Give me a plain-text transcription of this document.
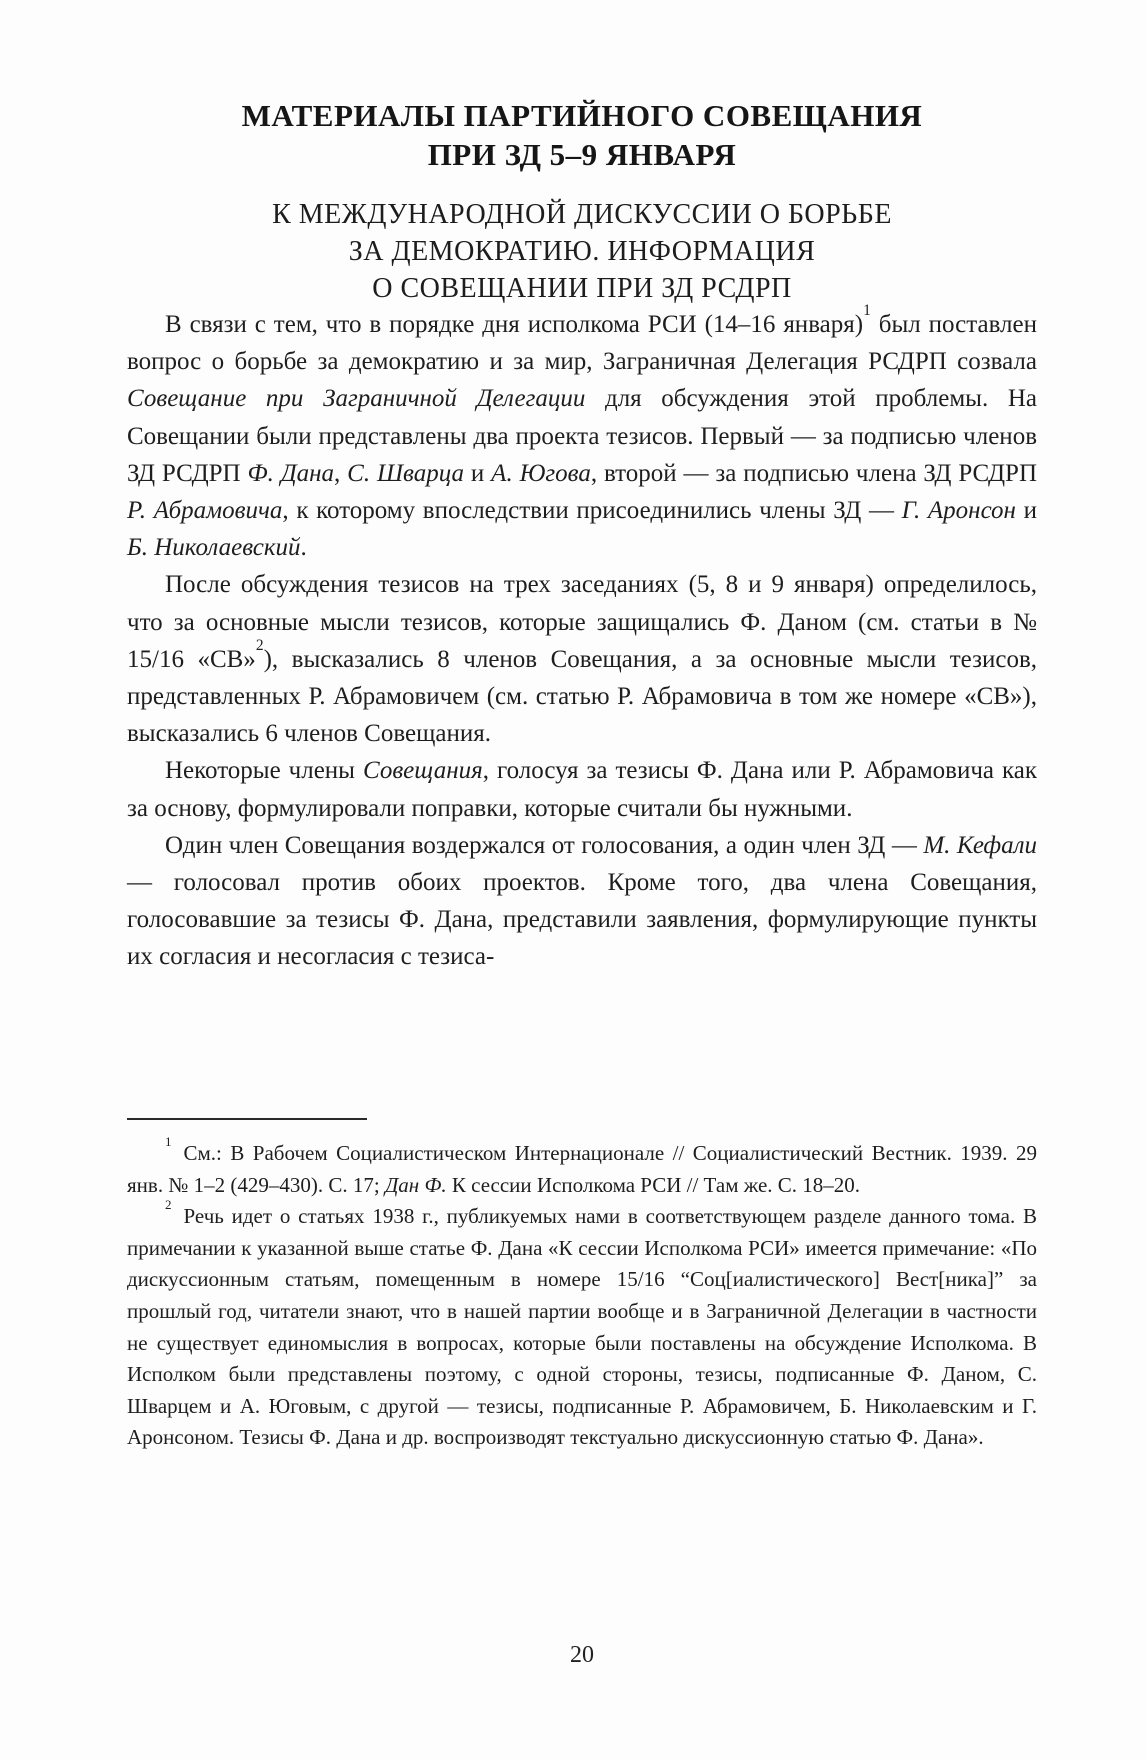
МАТЕРИАЛЫ ПАРТИЙНОГО СОВЕЩАНИЯ
ПРИ ЗД 5–9 ЯНВАРЯ
К МЕЖДУНАРОДНОЙ ДИСКУССИИ О БОРЬБЕ
ЗА ДЕМОКРАТИЮ. ИНФОРМАЦИЯ
О СОВЕЩАНИИ ПРИ ЗД РСДРП

В связи с тем, что в порядке дня исполкома РСИ (14–16 января)$^1$ был поставлен вопрос о борьбе за демократию и за мир, Заграничная Делегация РСДРП созвала Совещание при Заграничной Делегации для обсуждения этой проблемы. На Совещании были представлены два проекта тезисов. Первый — за подписью членов ЗД РСДРП Ф. Дана, С. Шварца и А. Югова, второй — за подписью члена ЗД РСДРП Р. Абрамовича, к которому впоследствии присоединились члены ЗД — Г. Аронсон и Б. Николаевский.

После обсуждения тезисов на трех заседаниях (5, 8 и 9 января) определилось, что за основные мысли тезисов, которые защищались Ф. Даном (см. статьи в № 15/16 «СВ»$^2$), высказались 8 членов Совещания, а за основные мысли тезисов, представленных Р. Абрамовичем (см. статью Р. Абрамовича в том же номере «СВ»), высказались 6 членов Совещания.

Некоторые члены Совещания, голосуя за тезисы Ф. Дана или Р. Абрамовича как за основу, формулировали поправки, которые считали бы нужными.

Один член Совещания воздержался от голосования, а один член ЗД — М. Кефали — голосовал против обоих проектов. Кроме того, два члена Совещания, голосовавшие за тезисы Ф. Дана, представили заявления, формулирующие пункты их согласия и несогласия с тезиса-

$^1$ См.: В Рабочем Социалистическом Интернационале // Социалистический Вестник. 1939. 29 янв. № 1–2 (429–430). С. 17; Дан Ф. К сессии Исполкома РСИ // Там же. С. 18–20.

$^2$ Речь идет о статьях 1938 г., публикуемых нами в соответствующем разделе данного тома. В примечании к указанной выше статье Ф. Дана «К сессии Исполкома РСИ» имеется примечание: «По дискуссионным статьям, помещенным в номере 15/16 “Соц[иалистического] Вест[ника]” за прошлый год, читатели знают, что в нашей партии вообще и в Заграничной Делегации в частности не существует единомыслия в вопросах, которые были поставлены на обсуждение Исполкома. В Исполком были представлены поэтому, с одной стороны, тезисы, подписанные Ф. Даном, С. Шварцем и А. Юговым, с другой — тезисы, подписанные Р. Абрамовичем, Б. Николаевским и Г. Аронсоном. Тезисы Ф. Дана и др. воспроизводят текстуально дискуссионную статью Ф. Дана».

20
